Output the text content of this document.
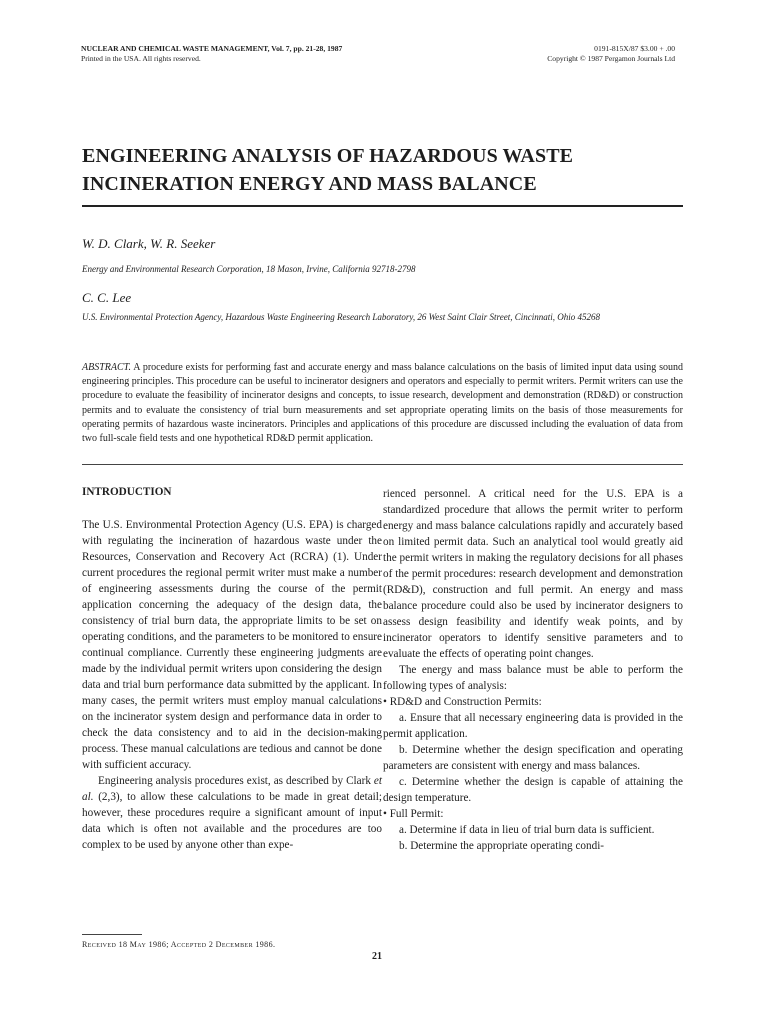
NUCLEAR AND CHEMICAL WASTE MANAGEMENT, Vol. 7, pp. 21-28, 1987
Printed in the USA. All rights reserved.
0191-815X/87 $3.00 + .00
Copyright © 1987 Pergamon Journals Ltd
ENGINEERING ANALYSIS OF HAZARDOUS WASTE
INCINERATION ENERGY AND MASS BALANCE

W. D. Clark, W. R. Seeker

Energy and Environmental Research Corporation, 18 Mason, Irvine, California 92718-2798

C. C. Lee

U.S. Environmental Protection Agency, Hazardous Waste Engineering Research Laboratory, 26 West Saint Clair Street, Cincinnati, Ohio 45268

ABSTRACT. A procedure exists for performing fast and accurate energy and mass balance calculations on the basis of limited input data using sound engineering principles. This procedure can be useful to incinerator designers and operators and especially to permit writers. Permit writers can use the procedure to evaluate the feasibility of incinerator designs and concepts, to issue research, development and demonstration (RD&D) or construction permits and to evaluate the consistency of trial burn measurements and set appropriate operating limits on the basis of those measurements for operating permits of hazardous waste incinerators. Principles and applications of this procedure are discussed including the evaluation of data from two full-scale field tests and one hypothetical RD&D permit application.

INTRODUCTION

The U.S. Environmental Protection Agency (U.S. EPA) is charged with regulating the incineration of hazardous waste under the Resources, Conservation and Recovery Act (RCRA) (1). Under current procedures the regional permit writer must make a number of engineering assessments during the course of the permit application concerning the adequacy of the design data, the consistency of trial burn data, the appropriate limits to be set on operating conditions, and the parameters to be monitored to ensure continual compliance. Currently these engineering judgments are made by the individual permit writers upon considering the design data and trial burn performance data submitted by the applicant. In many cases, the permit writers must employ manual calculations on the incinerator system design and performance data in order to check the data consistency and to aid in the decision-making process. These manual calculations are tedious and cannot be done with sufficient accuracy.

Engineering analysis procedures exist, as described by Clark et al. (2,3), to allow these calculations to be made in great detail; however, these procedures require a significant amount of input data which is often not available and the procedures are too complex to be used by anyone other than expe-

rienced personnel. A critical need for the U.S. EPA is a standardized procedure that allows the permit writer to perform energy and mass balance calculations rapidly and accurately based on limited permit data. Such an analytical tool would greatly aid the permit writers in making the regulatory decisions for all phases of the permit procedures: research development and demonstration (RD&D), construction and full permit. An energy and mass balance procedure could also be used by incinerator designers to assess design feasibility and identify weak points, and by incinerator operators to identify sensitive parameters and to evaluate the effects of operating point changes.

The energy and mass balance must be able to perform the following types of analysis:

• RD&D and Construction Permits:

a. Ensure that all necessary engineering data is provided in the permit application.

b. Determine whether the design specification and operating parameters are consistent with energy and mass balances.

c. Determine whether the design is capable of attaining the design temperature.

• Full Permit:

a. Determine if data in lieu of trial burn data is sufficient.

b. Determine the appropriate operating condi-

Received 18 May 1986; Accepted 2 December 1986.

21
